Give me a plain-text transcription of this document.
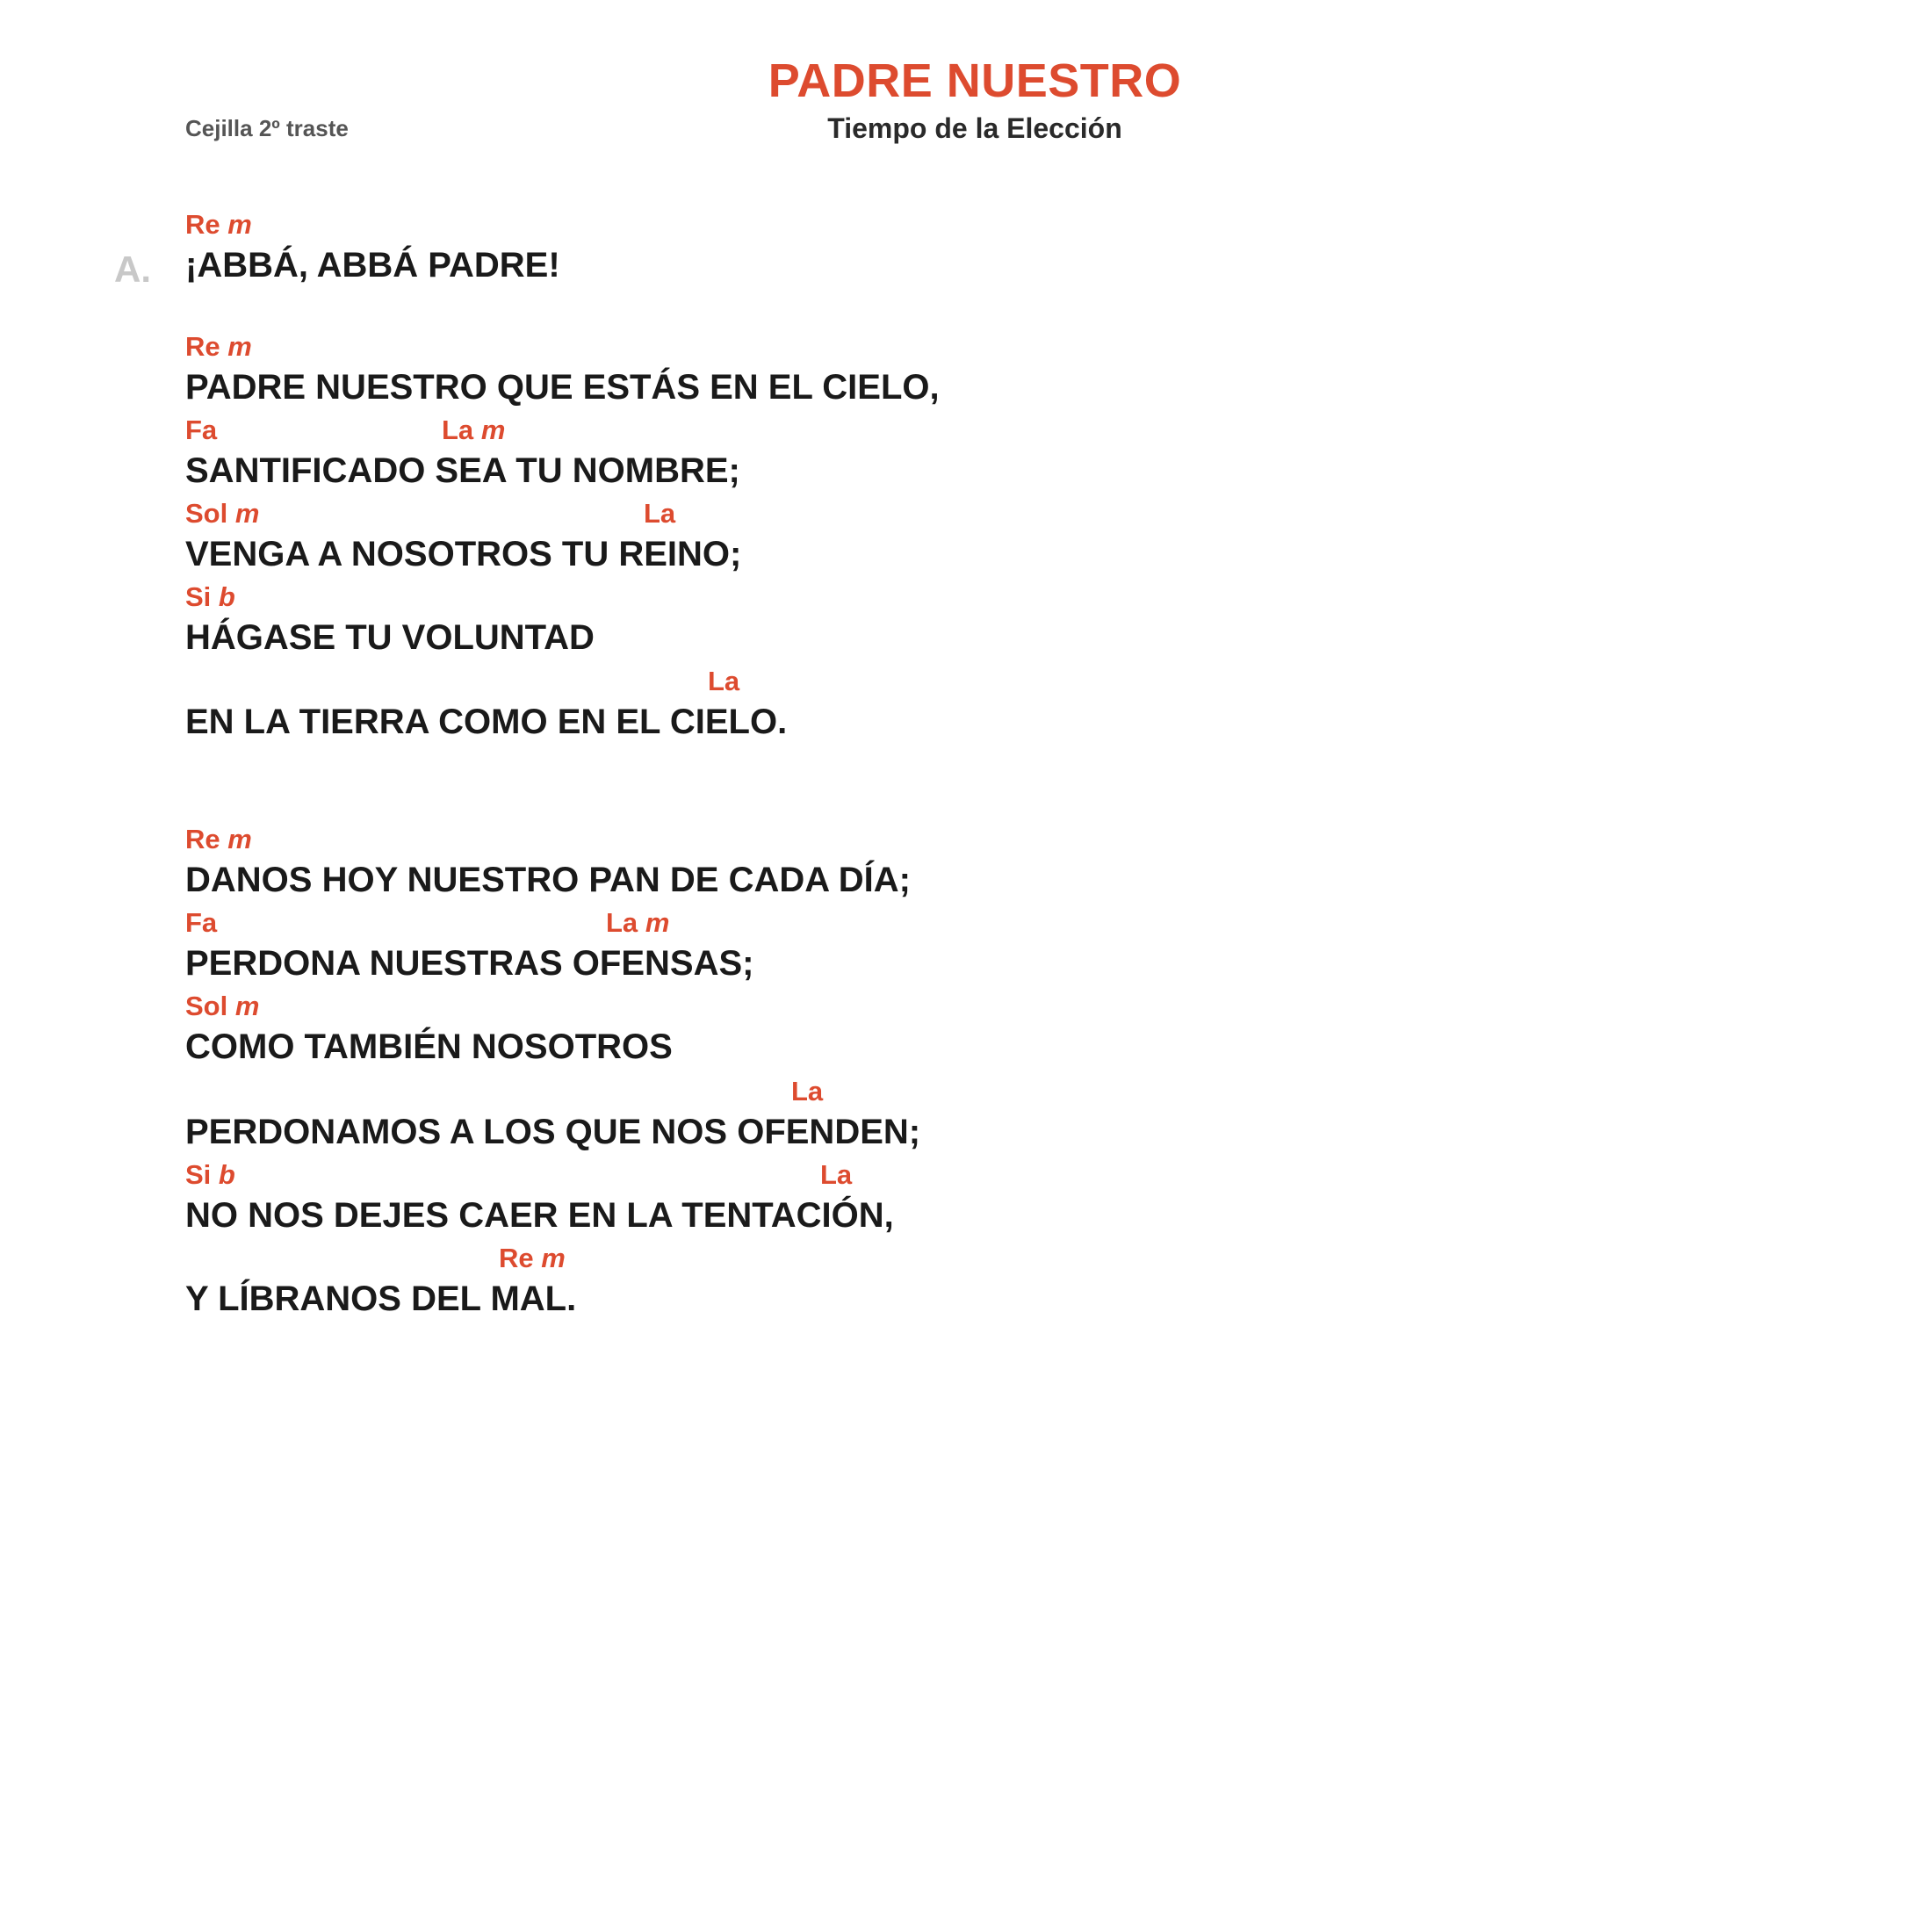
PADRE NUESTRO
Tiempo de la Elección
Cejilla 2º traste
A.
Re m
¡ABBÁ, ABBÁ PADRE!
Re m
PADRE NUESTRO QUE ESTÁS EN EL CIELO,
Fa	La m
SANTIFICADO SEA TU NOMBRE;
Sol m	La
VENGA A NOSOTROS TU REINO;
Si b
HÁGASE TU VOLUNTAD
La
EN LA TIERRA COMO EN EL CIELO.
Re m
DANOS HOY NUESTRO PAN DE CADA DÍA;
Fa	La m
PERDONA NUESTRAS OFENSAS;
Sol m
COMO TAMBIÉN NOSOTROS
La
PERDONAMOS A LOS QUE NOS OFENDEN;
Si b	La
NO NOS DEJES CAER EN LA TENTACIÓN,
Re m
Y LÍBRANOS DEL MAL.
